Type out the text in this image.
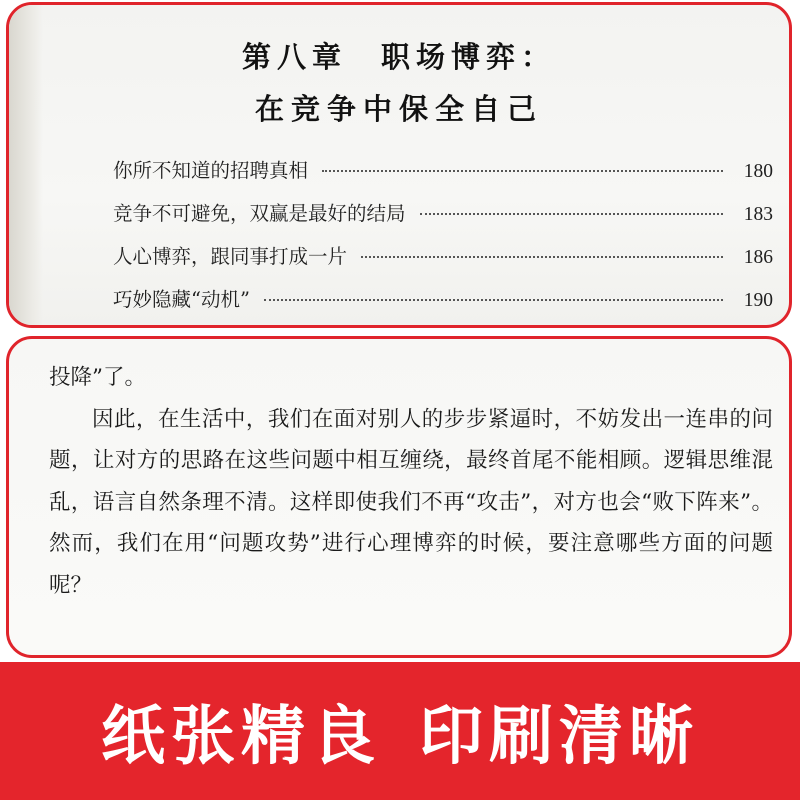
第八章 职场博弈：
在竞争中保全自己
你所不知道的招聘真相	180
竞争不可避免，双赢是最好的结局	183
人心博弈，跟同事打成一片	186
巧妙隐藏“动机”	190

投降”了。

因此，在生活中，我们在面对别人的步步紧逼时，不妨发出一连串的问题，让对方的思路在这些问题中相互缠绕，最终首尾不能相顾。逻辑思维混乱，语言自然条理不清。这样即使我们不再“攻击”，对方也会“败下阵来”。然而，我们在用“问题攻势”进行心理博弈的时候，要注意哪些方面的问题呢？

纸张精良 印刷清晰
